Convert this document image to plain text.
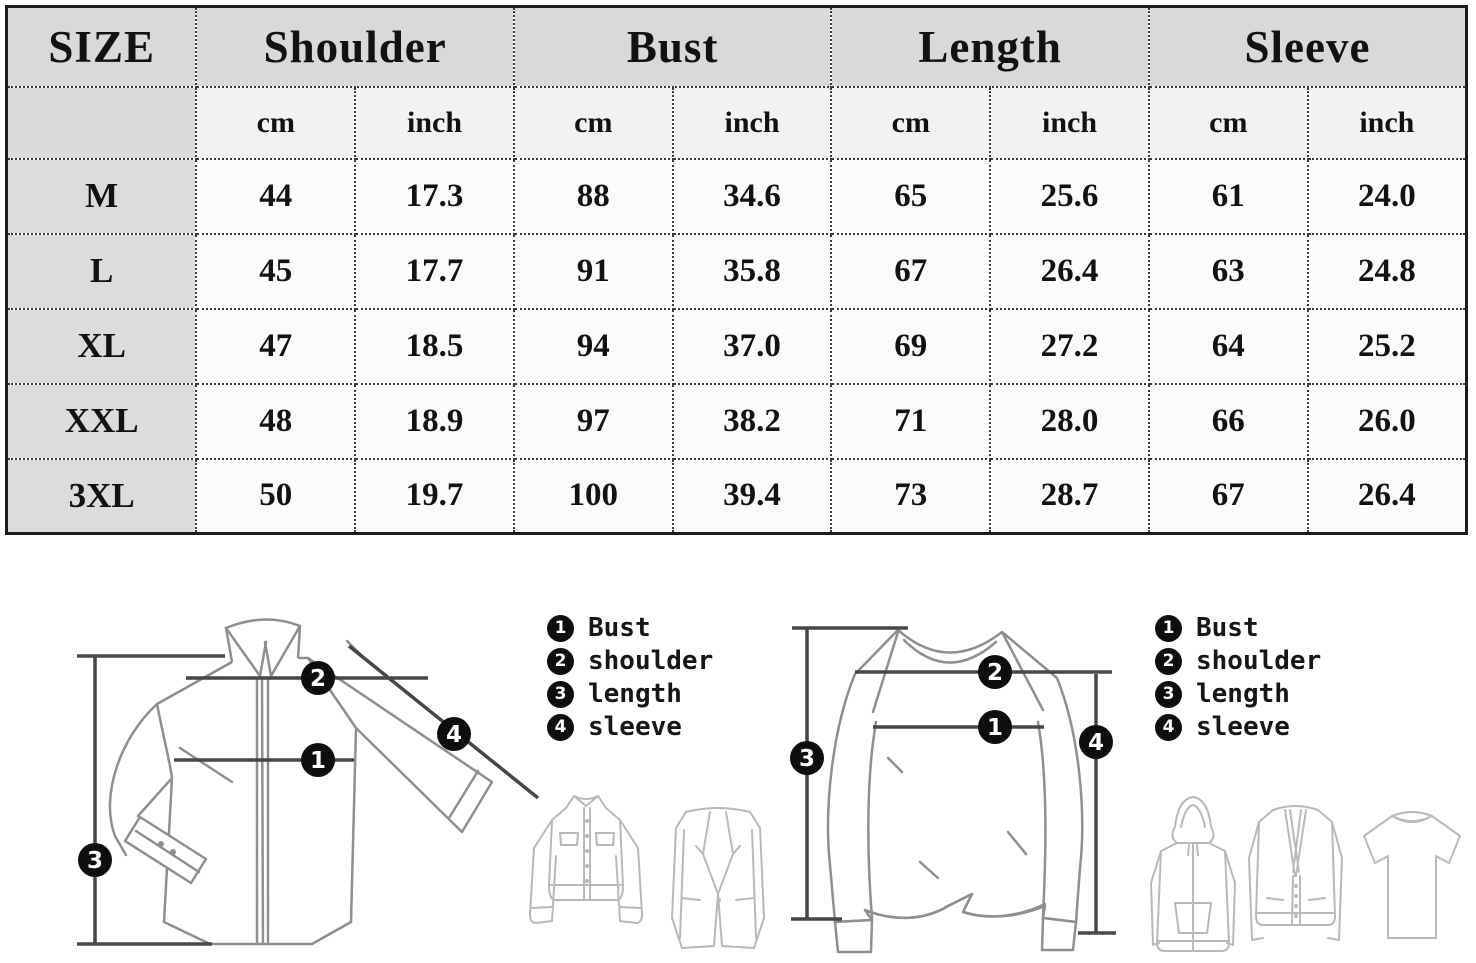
SIZE	Shoulder		Bust		Length		Sleeve	
	cm	inch	cm	inch	cm	inch	cm	inch
M	44	17.3	88	34.6	65	25.6	61	24.0
L	45	17.7	91	35.8	67	26.4	63	24.8
XL	47	18.5	94	37.0	69	27.2	64	25.2
XXL	48	18.9	97	38.2	71	28.0	66	26.0
3XL	50	19.7	100	39.4	73	28.7	67	26.4
2
1
3
4
1 Bust
2 shoulder
3 length
4 sleeve
2
1
3
4
1 Bust
2 shoulder
3 length
4 sleeve
